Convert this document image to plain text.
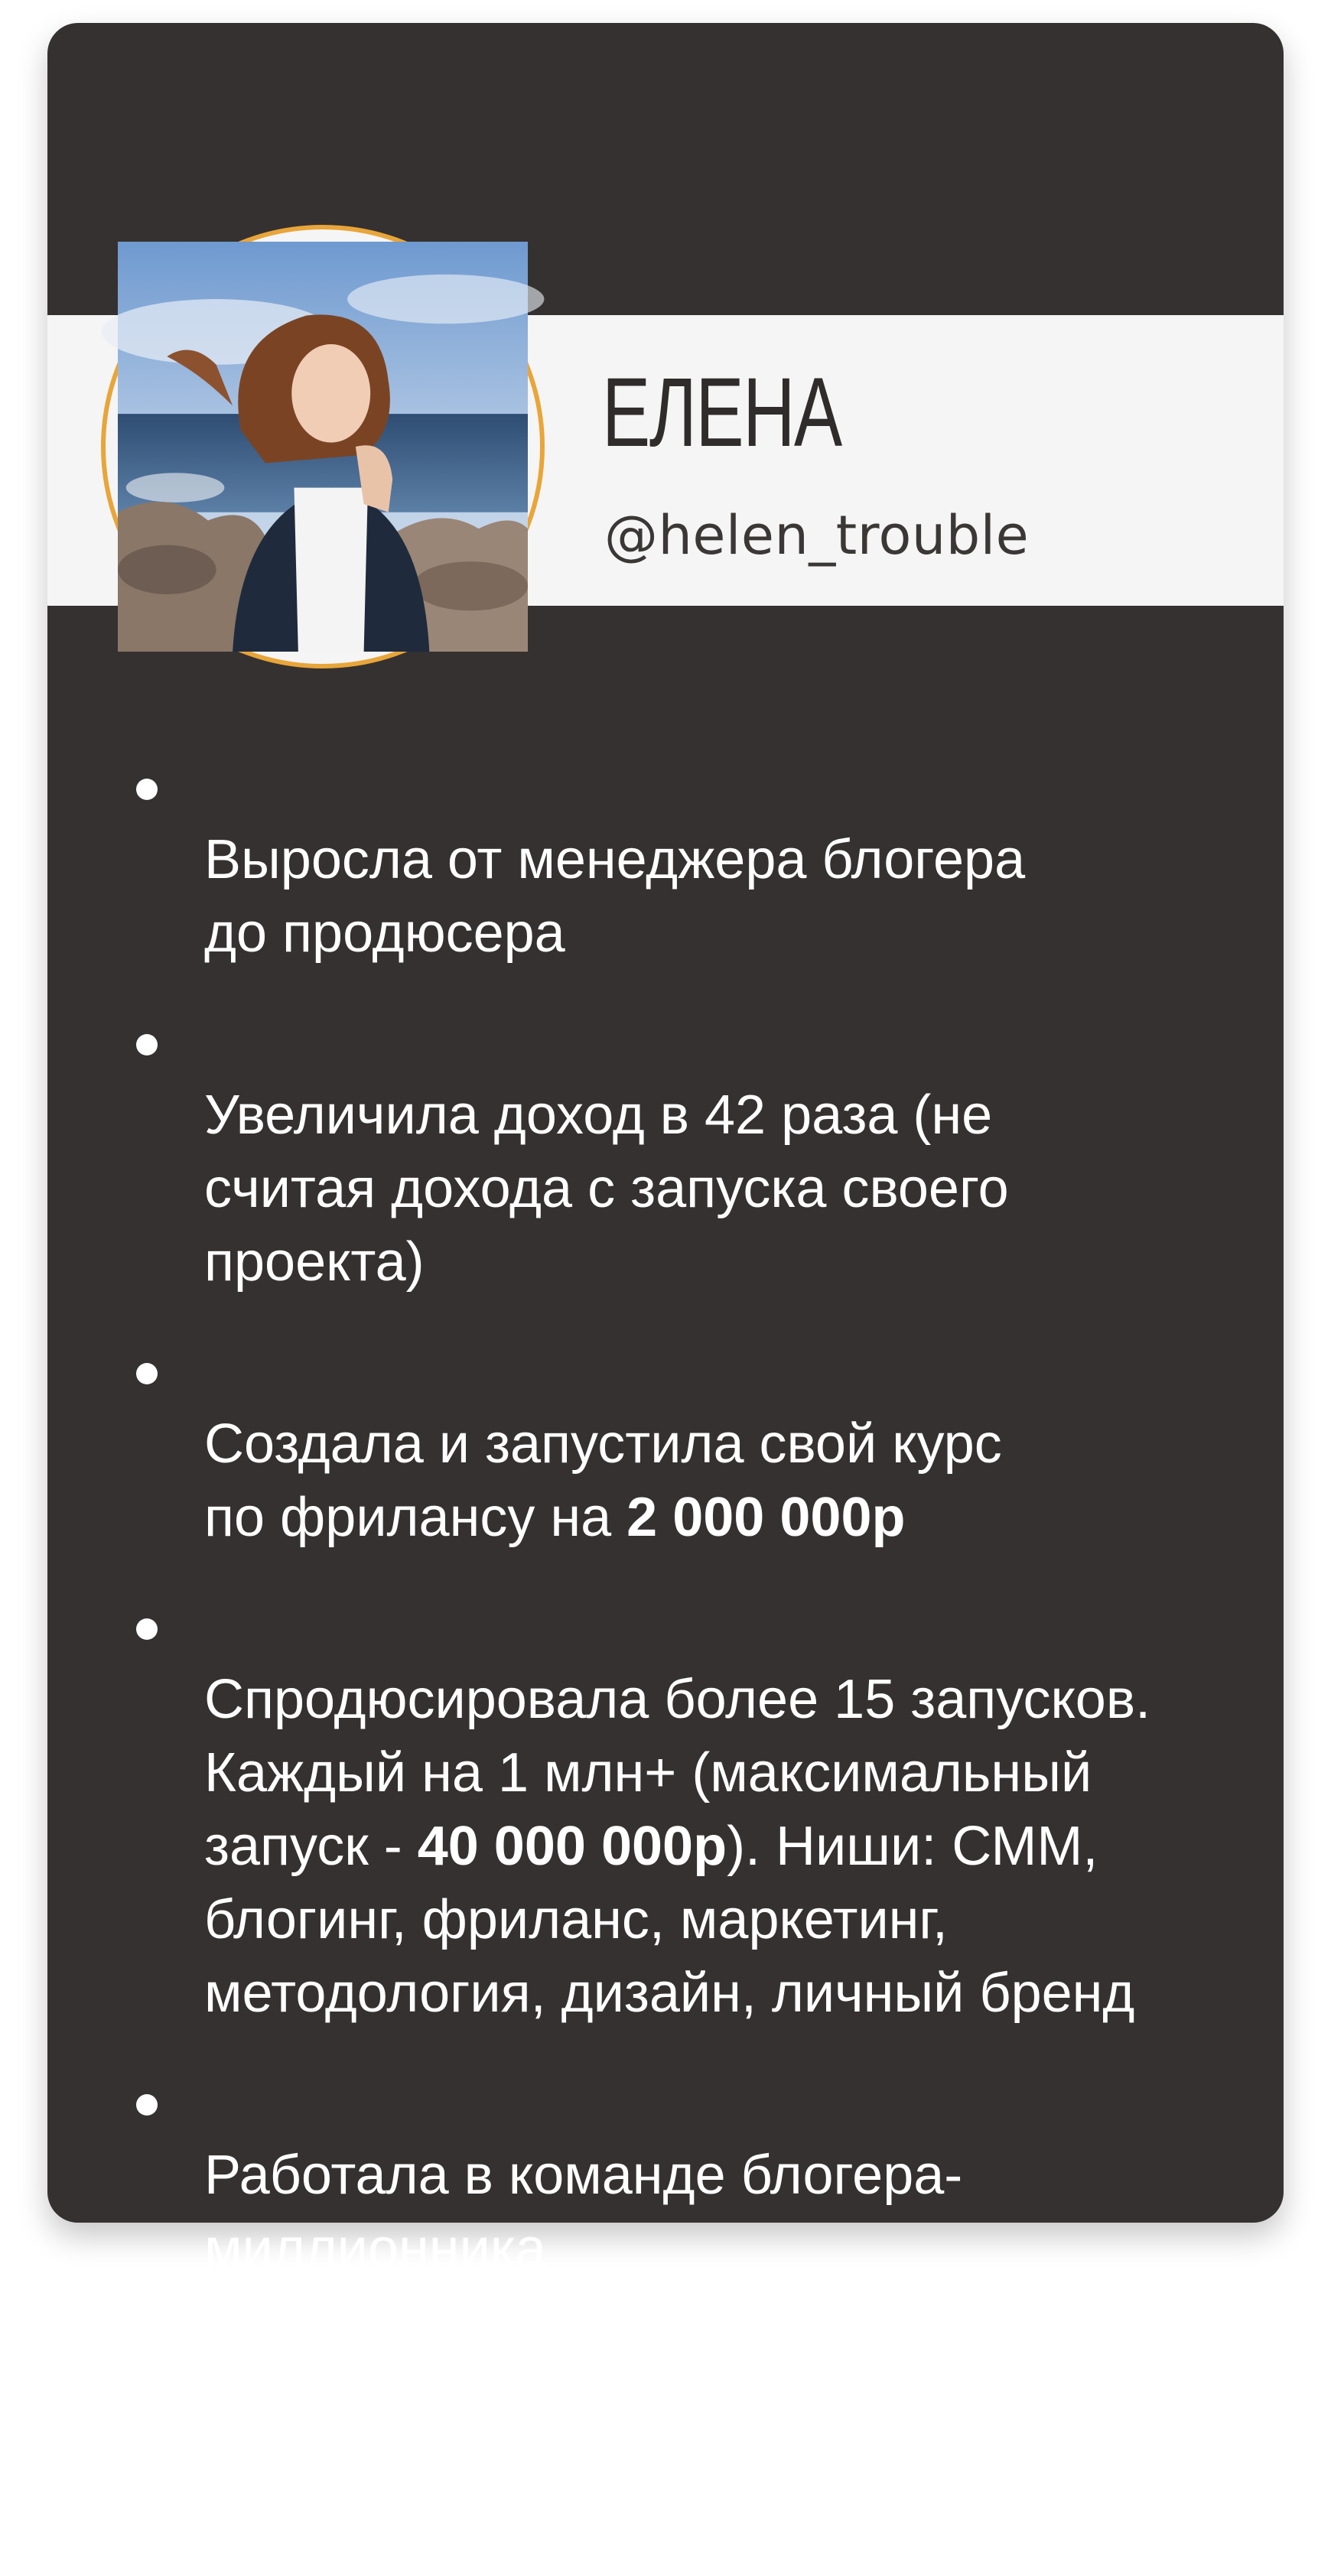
ЕЛЕНА
@helen_trouble

Выросла от менеджера блогера
до продюсера

Увеличила доход в 42 раза (не
считая дохода с запуска своего
проекта)

Создала и запустила свой курс
по фрилансу на 2 000 000р

Спродюсировала более 15 запусков.
Каждый на 1 млн+ (максимальный
запуск - 40 000 000р). Ниши: СММ,
блогинг, фриланс, маркетинг,
методология, дизайн, личный бренд

Работала в команде блогера-
миллионника

Все результаты сделаны без блога
в инстаграм
